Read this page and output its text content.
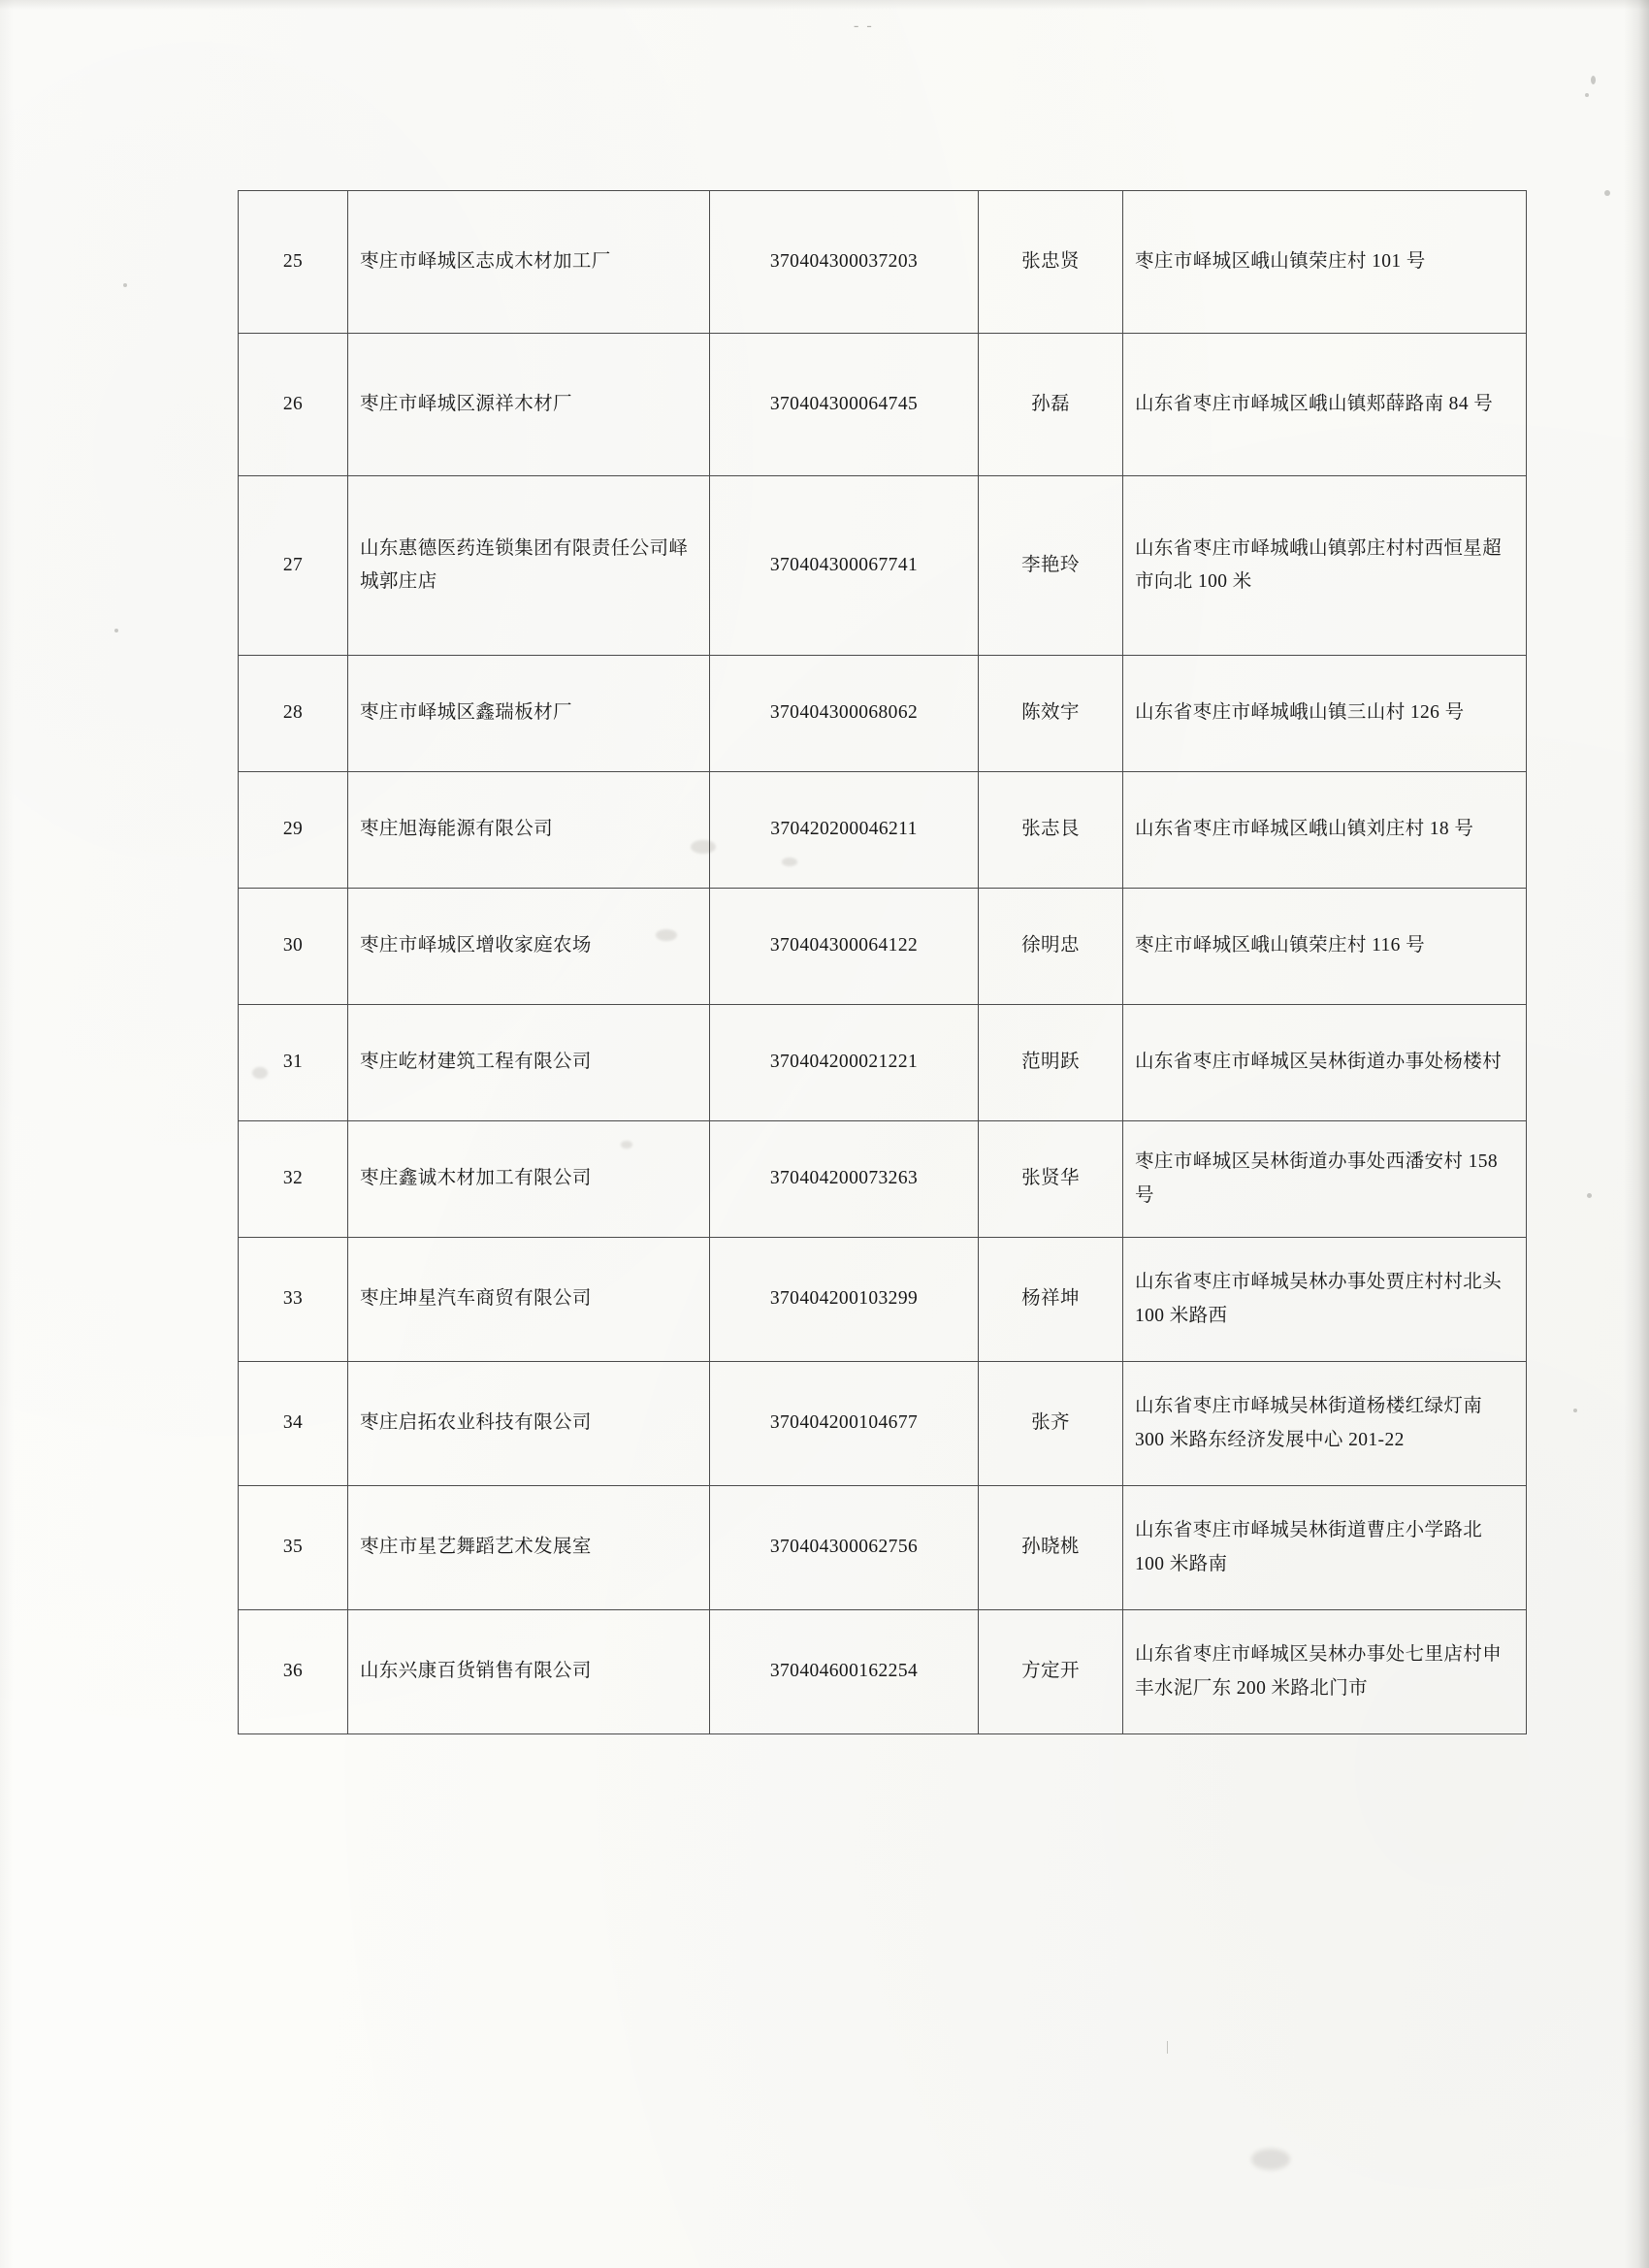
- -
|
25	枣庄市峄城区志成木材加工厂	370404300037203	张忠贤	枣庄市峄城区峨山镇荣庄村 101 号
26	枣庄市峄城区源祥木材厂	370404300064745	孙磊	山东省枣庄市峄城区峨山镇郏薛路南 84 号
27	山东惠德医药连锁集团有限责任公司峄城郭庄店	370404300067741	李艳玲	山东省枣庄市峄城峨山镇郭庄村村西恒星超市向北 100 米
28	枣庄市峄城区鑫瑞板材厂	370404300068062	陈效宇	山东省枣庄市峄城峨山镇三山村 126 号
29	枣庄旭海能源有限公司	370420200046211	张志艮	山东省枣庄市峄城区峨山镇刘庄村 18 号
30	枣庄市峄城区增收家庭农场	370404300064122	徐明忠	枣庄市峄城区峨山镇荣庄村 116 号
31	枣庄屹材建筑工程有限公司	370404200021221	范明跃	山东省枣庄市峄城区吴林街道办事处杨楼村
32	枣庄鑫诚木材加工有限公司	370404200073263	张贤华	枣庄市峄城区吴林街道办事处西潘安村 158 号
33	枣庄坤星汽车商贸有限公司	370404200103299	杨祥坤	山东省枣庄市峄城吴林办事处贾庄村村北头 100 米路西
34	枣庄启拓农业科技有限公司	370404200104677	张齐	山东省枣庄市峄城吴林街道杨楼红绿灯南 300 米路东经济发展中心 201-22
35	枣庄市星艺舞蹈艺术发展室	370404300062756	孙晓桃	山东省枣庄市峄城吴林街道曹庄小学路北 100 米路南
36	山东兴康百货销售有限公司	370404600162254	方定开	山东省枣庄市峄城区吴林办事处七里店村申丰水泥厂东 200 米路北门市
